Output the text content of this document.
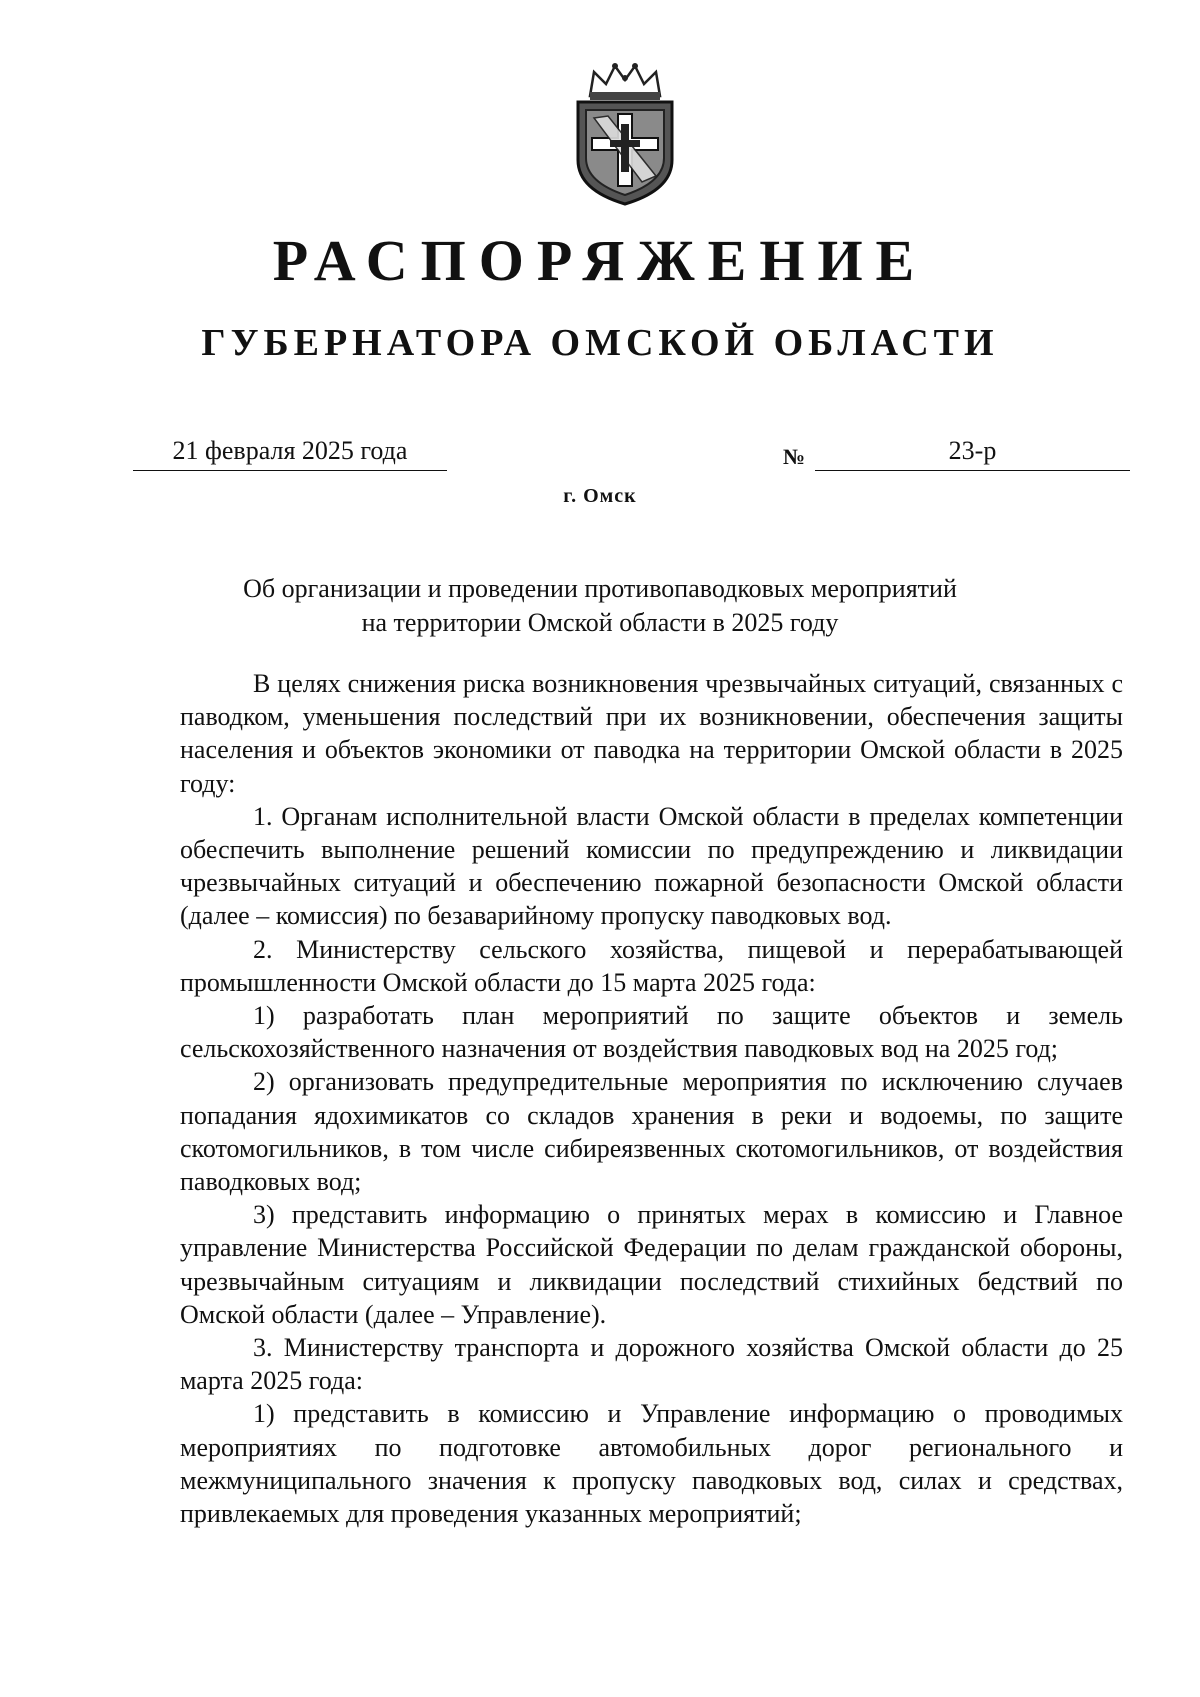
РАСПОРЯЖЕНИЕ
ГУБЕРНАТОРА ОМСКОЙ ОБЛАСТИ
21 февраля 2025 года	№	23-р
г. Омск
Об организации и проведении противопаводковых мероприятий
на территории Омской области в 2025 году

В целях снижения риска возникновения чрезвычайных ситуаций, связанных с паводком, уменьшения последствий при их возникновении, обеспечения защиты населения и объектов экономики от паводка на территории Омской области в 2025 году:

1. Органам исполнительной власти Омской области в пределах компетенции обеспечить выполнение решений комиссии по предупреждению и ликвидации чрезвычайных ситуаций и обеспечению пожарной безопасности Омской области (далее – комиссия) по безаварийному пропуску паводковых вод.

2. Министерству сельского хозяйства, пищевой и перерабатывающей промышленности Омской области до 15 марта 2025 года:

1) разработать план мероприятий по защите объектов и земель сельскохозяйственного назначения от воздействия паводковых вод на 2025 год;

2) организовать предупредительные мероприятия по исключению случаев попадания ядохимикатов со складов хранения в реки и водоемы, по защите скотомогильников, в том числе сибиреязвенных скотомогильников, от воздействия паводковых вод;

3) представить информацию о принятых мерах в комиссию и Главное управление Министерства Российской Федерации по делам гражданской обороны, чрезвычайным ситуациям и ликвидации последствий стихийных бедствий по Омской области (далее – Управление).

3. Министерству транспорта и дорожного хозяйства Омской области до 25 марта 2025 года:

1) представить в комиссию и Управление информацию о проводимых мероприятиях по подготовке автомобильных дорог регионального и межмуниципального значения к пропуску паводковых вод, силах и средствах, привлекаемых для проведения указанных мероприятий;
